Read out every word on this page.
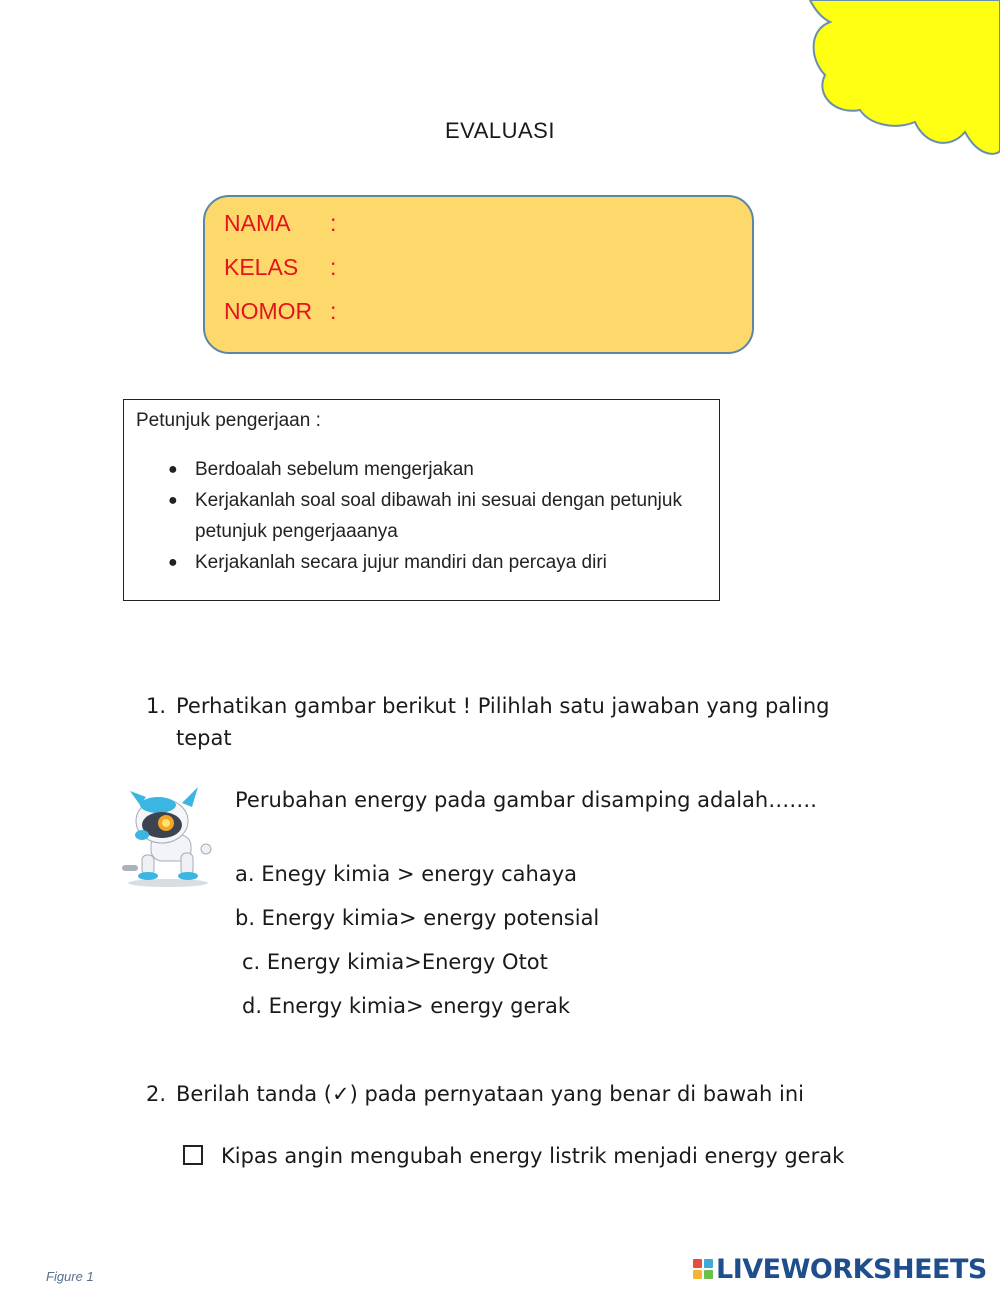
EVALUASI
NAMA :
KELAS :
NOMOR :
Petunjuk pengerjaan :
● Berdoalah sebelum mengerjakan
● Kerjakanlah soal soal dibawah ini sesuai dengan petunjuk petunjuk pengerjaaanya
● Kerjakanlah secara jujur mandiri dan percaya diri
1. Perhatikan gambar berikut ! Pilihlah satu jawaban yang paling
tepat
Perubahan energy pada gambar disamping adalah…….
a. Enegy kimia > energy cahaya
b. Energy kimia> energy potensial
c. Energy kimia>Energy Otot
d. Energy kimia> energy gerak
2. Berilah tanda (✓) pada pernyataan yang benar di bawah ini
Kipas angin mengubah energy listrik menjadi energy gerak
Figure 1	LIVEWORKSHEETS
